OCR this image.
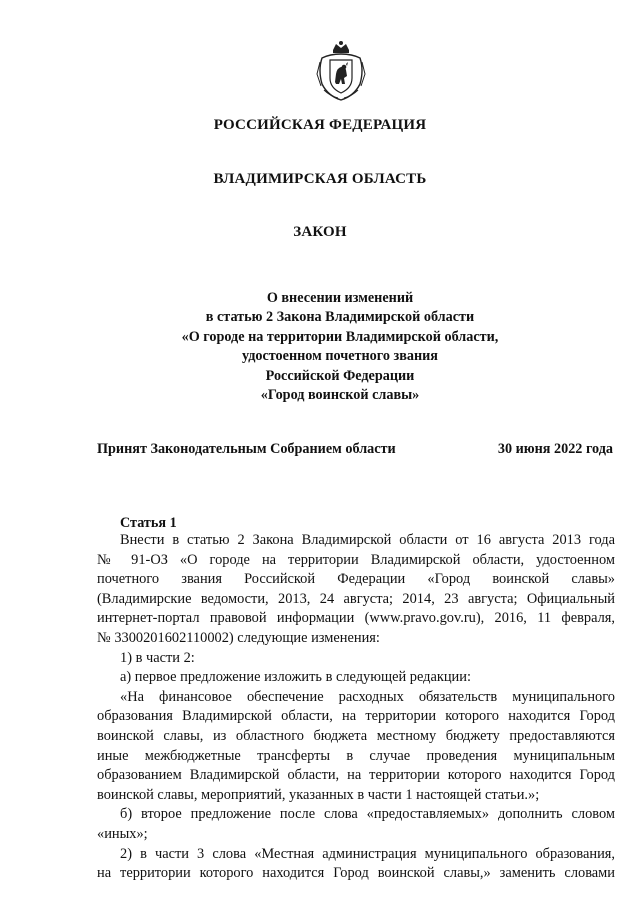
РОССИЙСКАЯ ФЕДЕРАЦИЯ
ВЛАДИМИРСКАЯ ОБЛАСТЬ
ЗАКОН
О внесении изменений
в статью 2 Закона Владимирской области
«О городе на территории Владимирской области,
удостоенном почетного звания
Российской Федерации
«Город воинской славы»
Принят Законодательным Собранием области	30 июня 2022 года
Статья 1
Внести в статью 2 Закона Владимирской области от 16 августа 2013 года
№ 91-ОЗ «О городе на территории Владимирской области, удостоенном
почетного звания Российской Федерации «Город воинской славы»
(Владимирские ведомости, 2013, 24 августа; 2014, 23 августа; Официальный
интернет-портал правовой информации (www.pravo.gov.ru), 2016, 11 февраля,
№ 3300201602110002) следующие изменения:
1) в части 2:
а) первое предложение изложить в следующей редакции:
«На финансовое обеспечение расходных обязательств муниципального
образования Владимирской области, на территории которого находится Город
воинской славы, из областного бюджета местному бюджету предоставляются
иные межбюджетные трансферты в случае проведения муниципальным
образованием Владимирской области, на территории которого находится Город
воинской славы, мероприятий, указанных в части 1 настоящей статьи.»;
б) второе предложение после слова «предоставляемых» дополнить словом
«иных»;
2) в части 3 слова «Местная администрация муниципального образования,
на территории которого находится Город воинской славы,» заменить словами
